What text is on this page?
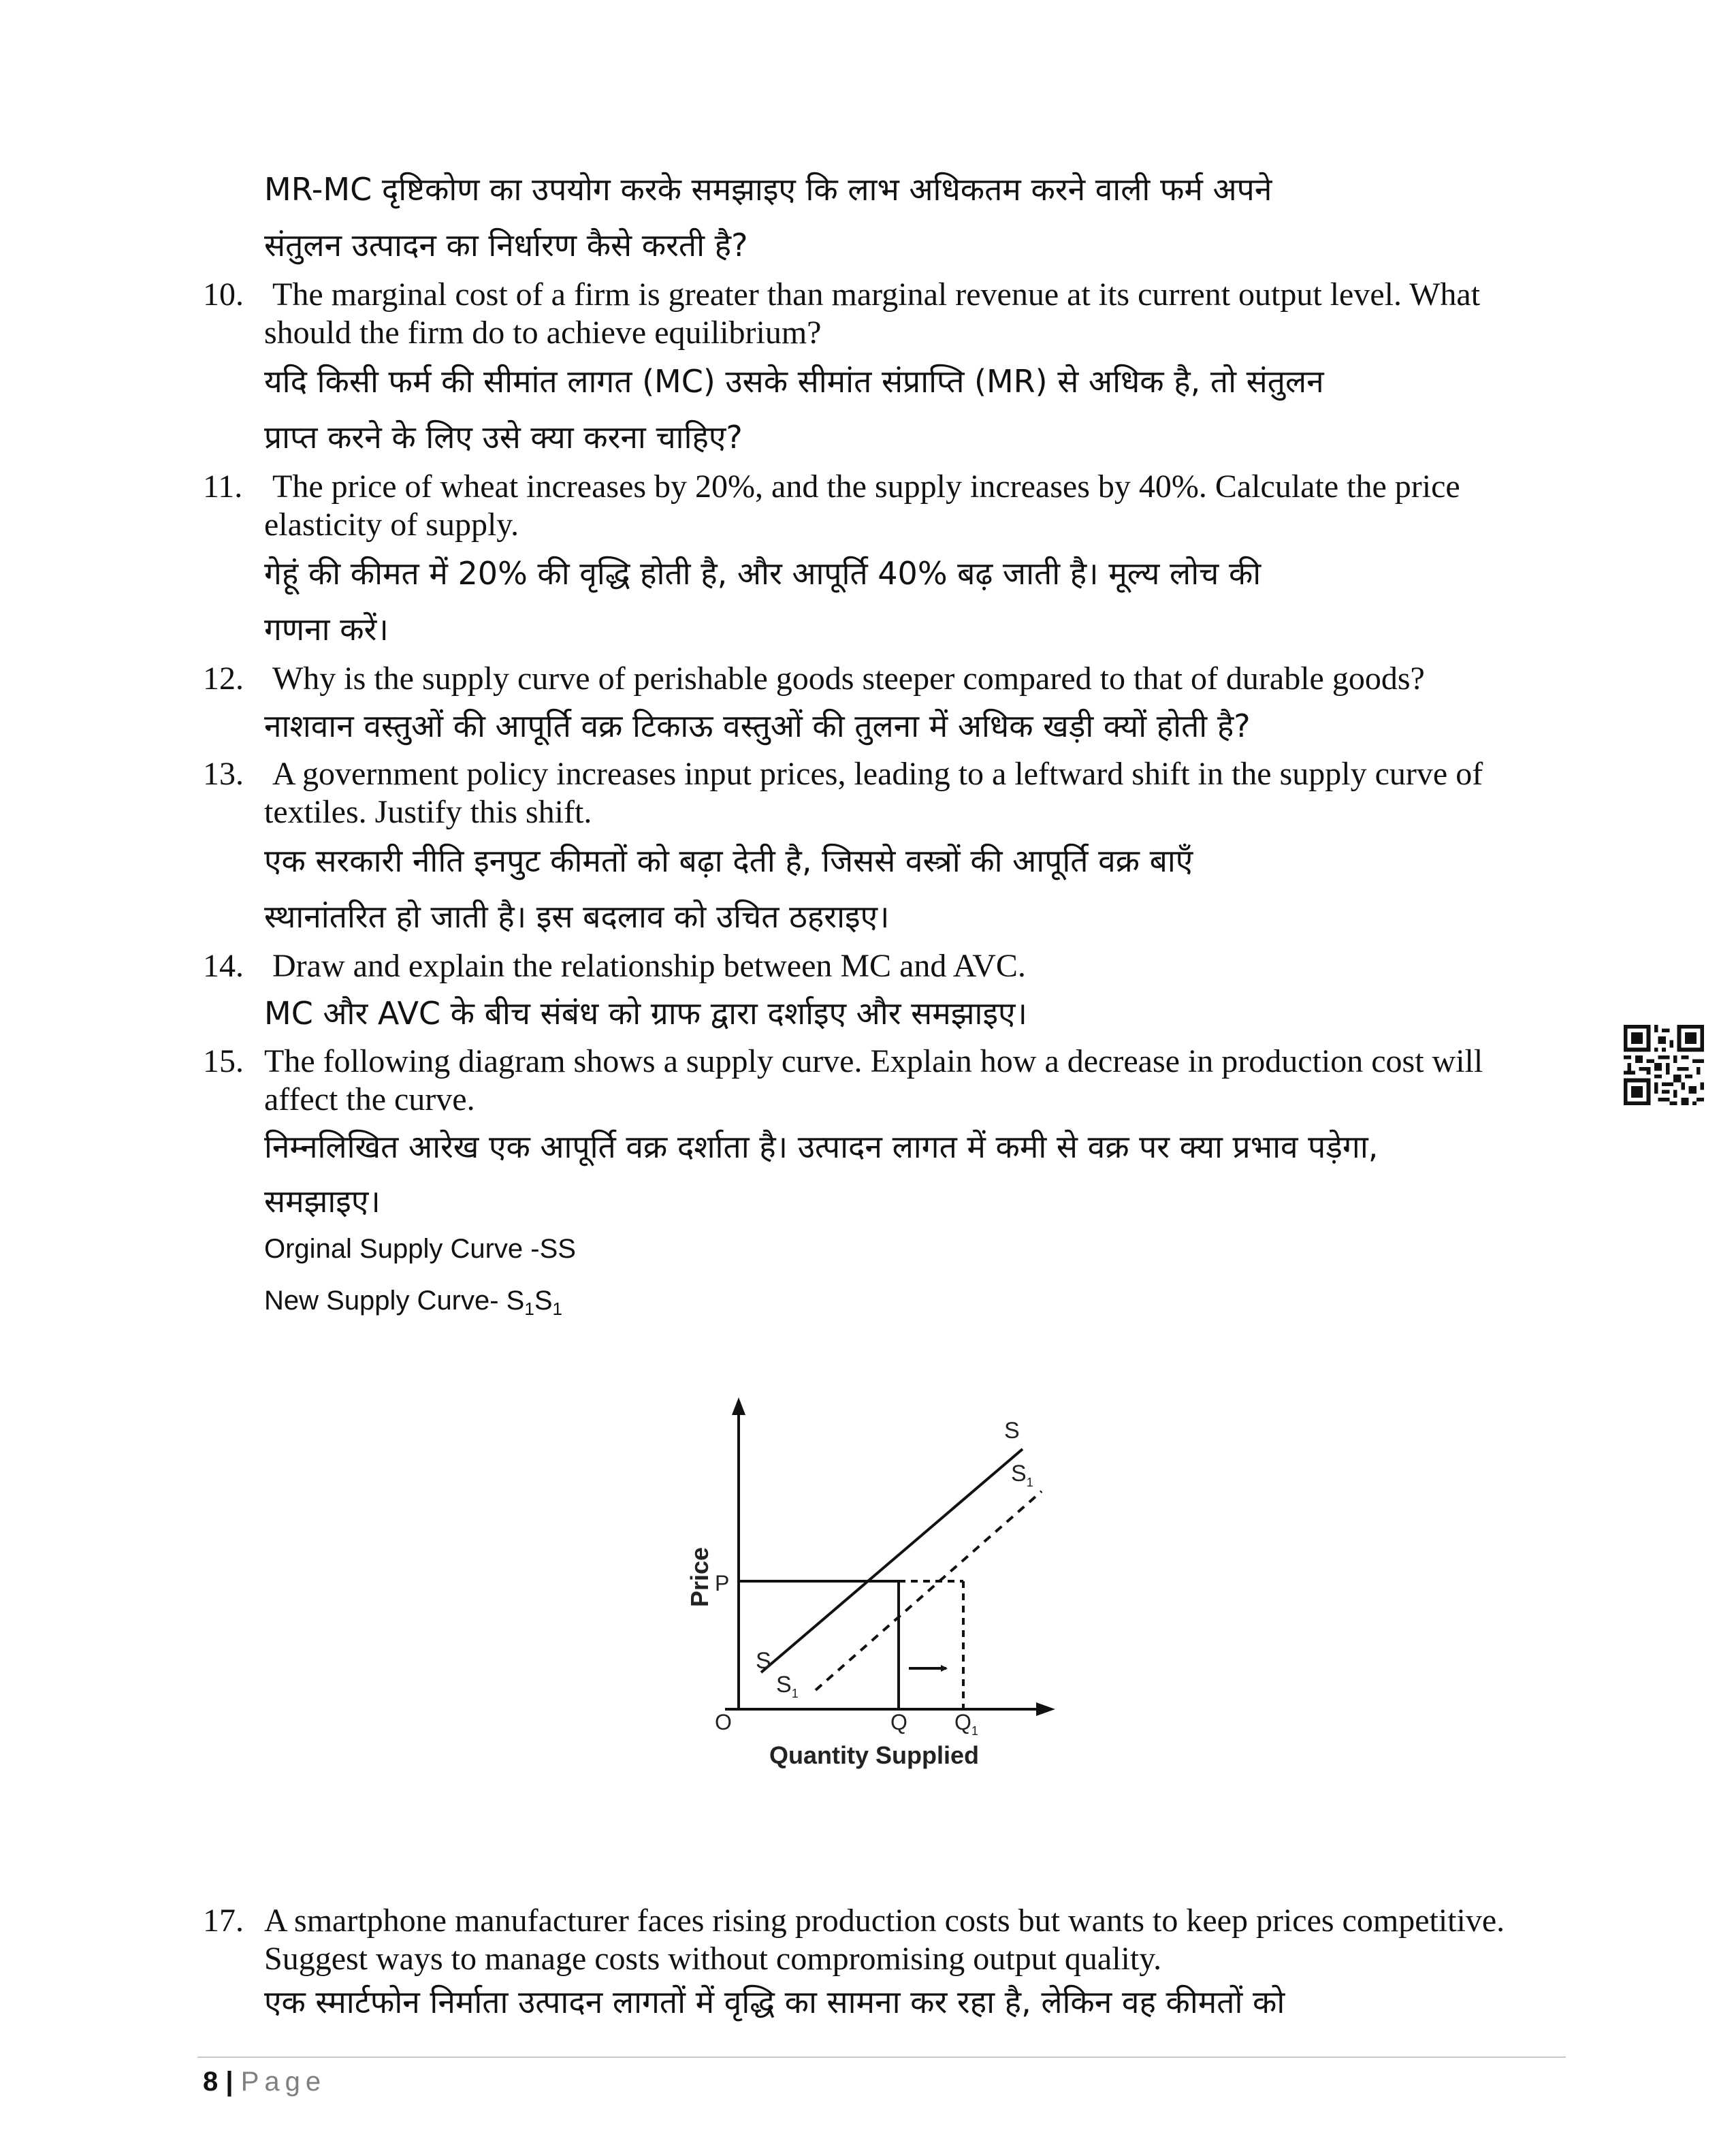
MR-MC दृष्टिकोण का उपयोग करके समझाइए कि लाभ अधिकतम करने वाली फर्म अपने
संतुलन उत्पादन का निर्धारण कैसे करती है?
10. The marginal cost of a firm is greater than marginal revenue at its current output level. What
should the firm do to achieve equilibrium?
यदि किसी फर्म की सीमांत लागत (MC) उसके सीमांत संप्राप्ति (MR) से अधिक है, तो संतुलन
प्राप्त करने के लिए उसे क्या करना चाहिए?
11. The price of wheat increases by 20%, and the supply increases by 40%. Calculate the price
elasticity of supply.
गेहूं की कीमत में 20% की वृद्धि होती है, और आपूर्ति 40% बढ़ जाती है। मूल्य लोच की
गणना करें।
12. Why is the supply curve of perishable goods steeper compared to that of durable goods?
नाशवान वस्तुओं की आपूर्ति वक्र टिकाऊ वस्तुओं की तुलना में अधिक खड़ी क्यों होती है?
13. A government policy increases input prices, leading to a leftward shift in the supply curve of
textiles. Justify this shift.
एक सरकारी नीति इनपुट कीमतों को बढ़ा देती है, जिससे वस्त्रों की आपूर्ति वक्र बाएँ
स्थानांतरित हो जाती है। इस बदलाव को उचित ठहराइए।
14. Draw and explain the relationship between MC and AVC.
MC और AVC के बीच संबंध को ग्राफ द्वारा दर्शाइए और समझाइए।
15. The following diagram shows a supply curve. Explain how a decrease in production cost will
affect the curve.
निम्नलिखित आरेख एक आपूर्ति वक्र दर्शाता है। उत्पादन लागत में कमी से वक्र पर क्या प्रभाव पड़ेगा,
समझाइए।
Orginal Supply Curve -SS
New Supply Curve- $S_1S_1$
Price P
O	Q $Q_1$
Quantity Supplied
S
$S_1$
S
$S_1$
17. A smartphone manufacturer faces rising production costs but wants to keep prices competitive.
Suggest ways to manage costs without compromising output quality.
एक स्मार्टफोन निर्माता उत्पादन लागतों में वृद्धि का सामना कर रहा है, लेकिन वह कीमतों को
8 | Page
